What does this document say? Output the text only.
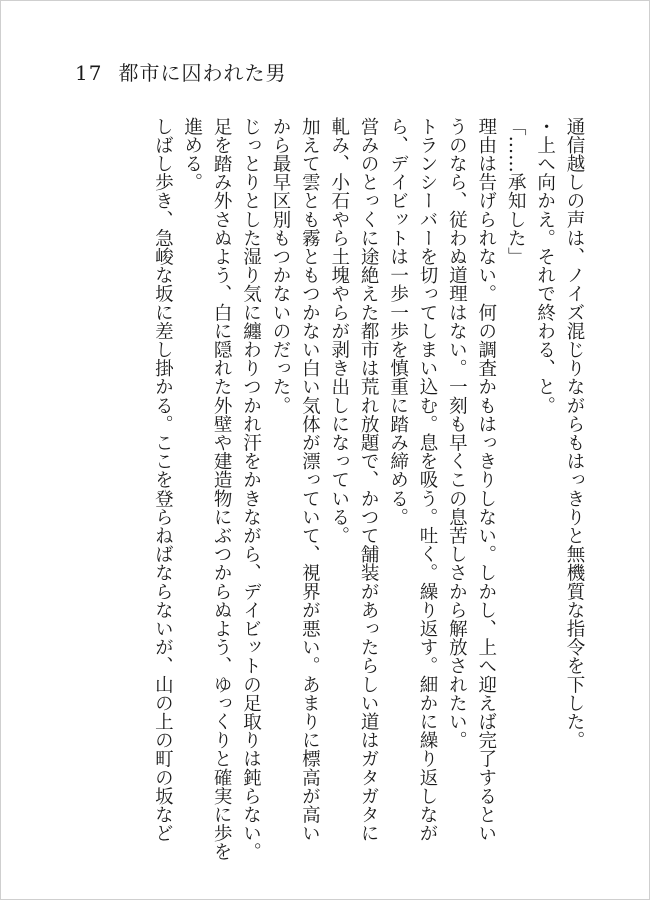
17 都市に囚われた男

通信越しの声は、ノイズ混じりながらもはっきりと無機質な指令を下した。

・上へ向かえ。それで終わる、と。

「……承知した」

理由は告げられない。何の調査かもはっきりしない。しかし、上へ迎えば完了するとい

うのなら、従わぬ道理はない。一刻も早くこの息苦しさから解放されたい。

トランシーバーを切ってしまい込む。息を吸う。吐く。繰り返す。細かに繰り返しなが

ら、デイビットは一歩一歩を慎重に踏み締める。

営みのとっくに途絶えた都市は荒れ放題で、かつて舗装があったらしい道はガタガタに

軋み、小石やら土塊やらが剥き出しになっている。

加えて雲とも霧ともつかない白い気体が漂っていて、視界が悪い。あまりに標高が高い

から最早区別もつかないのだった。

じっとりとした湿り気に纏わりつかれ汗をかきながら、デイビットの足取りは鈍らない。

足を踏み外さぬよう、白に隠れた外壁や建造物にぶつからぬよう、ゆっくりと確実に歩を

進める。

しばし歩き、急峻な坂に差し掛かる。ここを登らねばならないが、山の上の町の坂など
